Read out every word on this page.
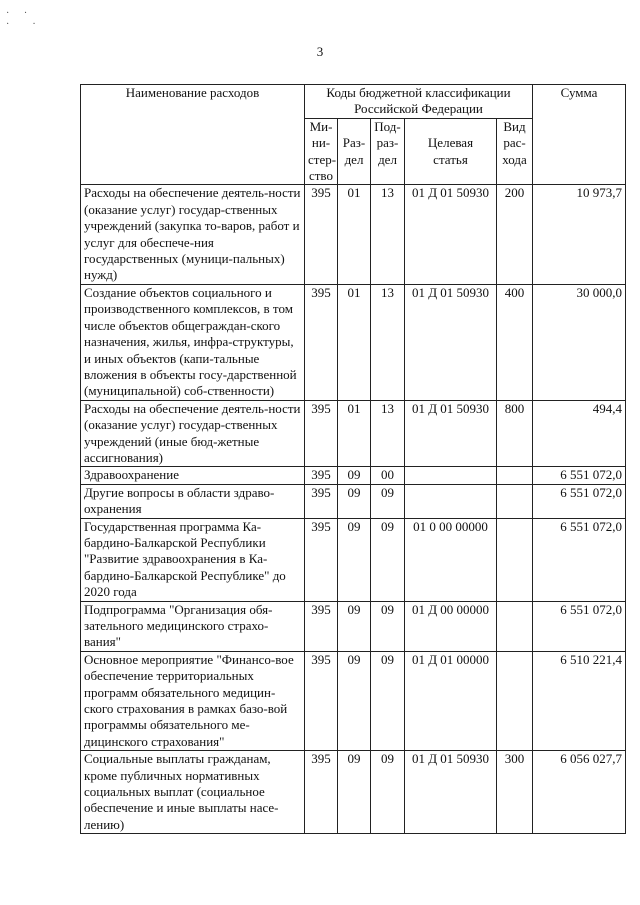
· ·
·  ·
3
Наименование расходов	Коды бюджетной классификации Российской Федерации					Сумма
	Ми-
ни-
стер-
ство	Раз-
дел	Под-
раз-
дел	Целевая
статья	Вид
рас-
хода	
Расходы на обеспечение деятель-ности (оказание услуг) государ-ственных учреждений (закупка то-варов, работ и услуг для обеспече-ния государственных (муници-пальных) нужд)	395	01	13	01 Д 01 50930	200	10 973,7
Создание объектов социального и производственного комплексов, в том числе объектов общеграждан-ского назначения, жилья, инфра-структуры, и иных объектов (капи-тальные вложения в объекты госу-дарственной (муниципальной) соб-ственности)	395	01	13	01 Д 01 50930	400	30 000,0
Расходы на обеспечение деятель-ности (оказание услуг) государ-ственных учреждений (иные бюд-жетные ассигнования)	395	01	13	01 Д 01 50930	800	494,4
Здравоохранение	395	09	00			6 551 072,0
Другие вопросы в области здраво-охранения	395	09	09			6 551 072,0
Государственная программа Ка-бардино-Балкарской Республики "Развитие здравоохранения в Ка-бардино-Балкарской Республике" до 2020 года	395	09	09	01 0 00 00000		6 551 072,0
Подпрограмма "Организация обя-зательного медицинского страхо-вания"	395	09	09	01 Д 00 00000		6 551 072,0
Основное мероприятие "Финансо-вое обеспечение территориальных программ обязательного медицин-ского страхования в рамках базо-вой программы обязательного ме-дицинского страхования"	395	09	09	01 Д 01 00000		6 510 221,4
Социальные выплаты гражданам, кроме публичных нормативных социальных выплат (социальное обеспечение и иные выплаты насе-лению)	395	09	09	01 Д 01 50930	300	6 056 027,7
